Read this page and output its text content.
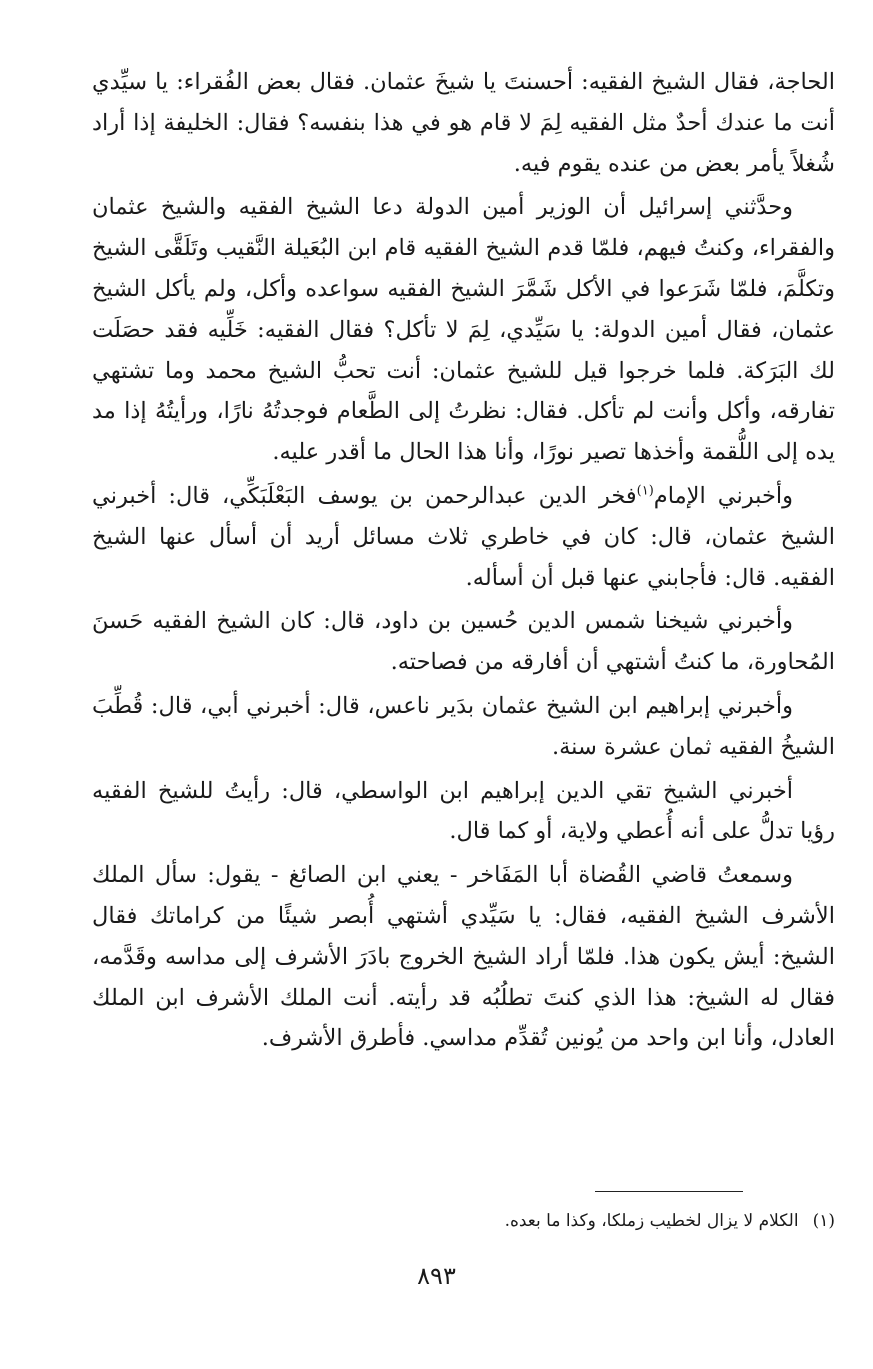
الحاجة، فقال الشيخ الفقيه: أحسنتَ يا شيخَ عثمان. فقال بعض الفُقراء: يا سيِّدي أنت ما عندك أحدٌ مثل الفقيه لِمَ لا قام هو في هذا بنفسه؟ فقال: الخليفة إذا أراد شُغلاً يأمر بعض من عنده يقوم فيه.

وحدَّثني إسرائيل أن الوزير أمين الدولة دعا الشيخ الفقيه والشيخ عثمان والفقراء، وكنتُ فيهم، فلمّا قدم الشيخ الفقيه قام ابن البُعَيلة النَّقيب وتَلَقَّى الشيخ وتكلَّمَ، فلمّا شَرَعوا في الأكل شَمَّرَ الشيخ الفقيه سواعده وأكل، ولم يأكل الشيخ عثمان، فقال أمين الدولة: يا سَيِّدي، لِمَ لا تأكل؟ فقال الفقيه: خَلِّيه فقد حصَلَت لك البَرَكة. فلما خرجوا قيل للشيخ عثمان: أنت تحبُّ الشيخ محمد وما تشتهي تفارقه، وأكل وأنت لم تأكل. فقال: نظرتُ إلى الطَّعام فوجدتُهُ نارًا، ورأيتُهُ إذا مد يده إلى اللُّقمة وأخذها تصير نورًا، وأنا هذا الحال ما أقدر عليه.

وأخبرني الإمام$^{(١)}$فخر الدين عبدالرحمن بن يوسف البَعْلَبَكِّي، قال: أخبرني الشيخ عثمان، قال: كان في خاطري ثلاث مسائل أريد أن أسأل عنها الشيخ الفقيه. قال: فأجابني عنها قبل أن أسأله.

وأخبرني شيخنا شمس الدين حُسين بن داود، قال: كان الشيخ الفقيه حَسنَ المُحاورة، ما كنتُ أشتهي أن أفارقه من فصاحته.

وأخبرني إبراهيم ابن الشيخ عثمان بدَير ناعس، قال: أخبرني أبي، قال: قُطِّبَ الشيخُ الفقيه ثمان عشرة سنة.

أخبرني الشيخ تقي الدين إبراهيم ابن الواسطي، قال: رأيتُ للشيخ الفقيه رؤيا تدلُّ على أنه أُعطي ولاية، أو كما قال.

وسمعتُ قاضي القُضاة أبا المَفَاخر - يعني ابن الصائغ - يقول: سأل الملك الأشرف الشيخ الفقيه، فقال: يا سَيِّدي أشتهي أُبصر شيئًا من كراماتك فقال الشيخ: أيش يكون هذا. فلمّا أراد الشيخ الخروج بادَرَ الأشرف إلى مداسه وقَدَّمه، فقال له الشيخ: هذا الذي كنتَ تطلُبُه قد رأيته. أنت الملك الأشرف ابن الملك العادل، وأنا ابن واحد من يُونين تُقدِّم مداسي. فأطرق الأشرف.

(١)الكلام لا يزال لخطيب زملكا، وكذا ما بعده.
٨٩٣
